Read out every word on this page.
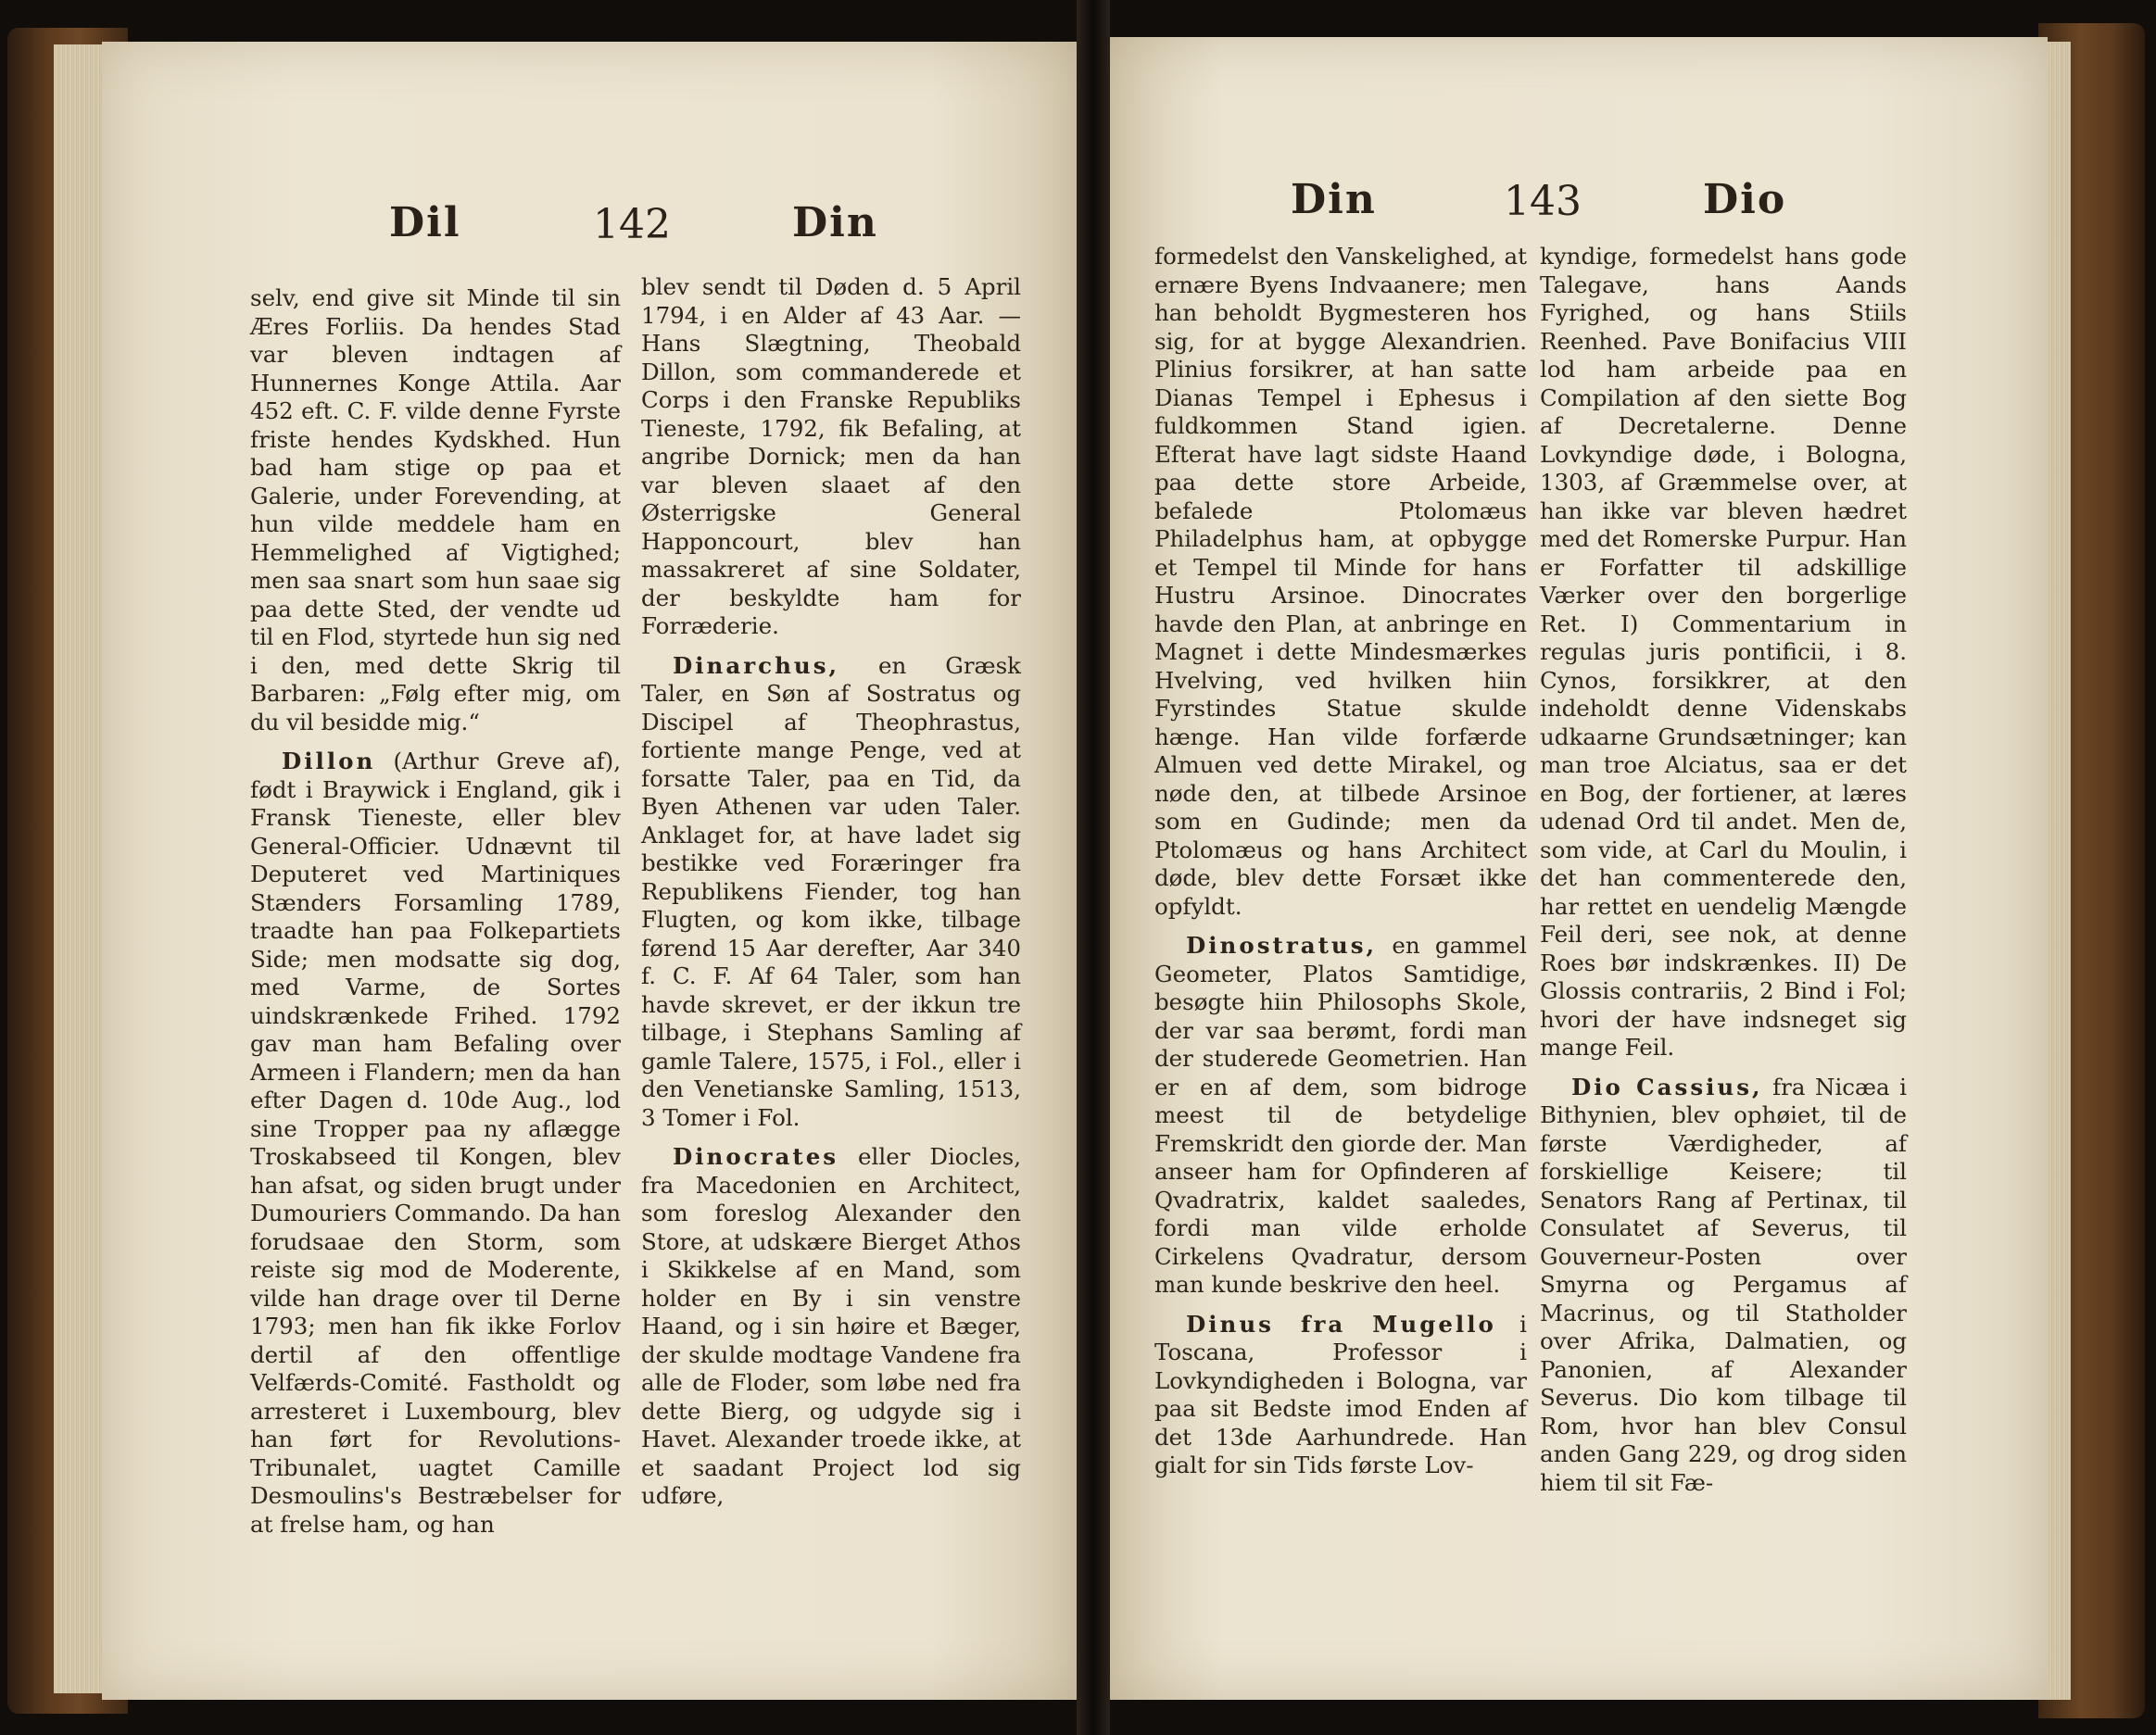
Dil	142	Din

selv, end give sit Minde til sin Æres Forliis. Da hendes Stad var bleven indtagen af Hunnernes Konge Attila. Aar 452 eft. C. F. vilde denne Fyrste friste hendes Kydskhed. Hun bad ham stige op paa et Galerie, under Forevending, at hun vilde meddele ham en Hemmelighed af Vigtighed; men saa snart som hun saae sig paa dette Sted, der vendte ud til en Flod, styrtede hun sig ned i den, med dette Skrig til Barbaren: „Følg efter mig, om du vil besidde mig.“

Dillon (Arthur Greve af), født i Braywick i England, gik i Fransk Tieneste, eller blev General-Officier. Udnævnt til Deputeret ved Martiniques Stænders Forsamling 1789, traadte han paa Folkepartiets Side; men modsatte sig dog, med Varme, de Sortes uindskrænkede Frihed. 1792 gav man ham Befaling over Armeen i Flandern; men da han efter Dagen d. 10de Aug., lod sine Tropper paa ny aflægge Troskabseed til Kongen, blev han afsat, og siden brugt under Dumouriers Commando. Da han forudsaae den Storm, som reiste sig mod de Moderente, vilde han drage over til Derne 1793; men han fik ikke Forlov dertil af den offentlige Velfærds-Comité. Fastholdt og arresteret i Luxembourg, blev han ført for Revolutions-Tribunalet, uagtet Camille Desmoulins's Bestræbelser for at frelse ham, og han

blev sendt til Døden d. 5 April 1794, i en Alder af 43 Aar. — Hans Slægtning, Theobald Dillon, som commanderede et Corps i den Franske Republiks Tieneste, 1792, fik Befaling, at angribe Dornick; men da han var bleven slaaet af den Østerrigske General Happoncourt, blev han massakreret af sine Soldater, der beskyldte ham for Forræderie.

Dinarchus, en Græsk Taler, en Søn af Sostratus og Discipel af Theophrastus, fortiente mange Penge, ved at forsatte Taler, paa en Tid, da Byen Athenen var uden Taler. Anklaget for, at have ladet sig bestikke ved Foræringer fra Republikens Fiender, tog han Flugten, og kom ikke, tilbage førend 15 Aar derefter, Aar 340 f. C. F. Af 64 Taler, som han havde skrevet, er der ikkun tre tilbage, i Stephans Samling af gamle Talere, 1575, i Fol., eller i den Venetianske Samling, 1513, 3 Tomer i Fol.

Dinocrates eller Diocles, fra Macedonien en Architect, som foreslog Alexander den Store, at udskære Bierget Athos i Skikkelse af en Mand, som holder en By i sin venstre Haand, og i sin høire et Bæger, der skulde modtage Vandene fra alle de Floder, som løbe ned fra dette Bierg, og udgyde sig i Havet. Alexander troede ikke, at et saadant Project lod sig udføre,

Din	143	Dio

formedelst den Vanskelighed, at ernære Byens Indvaanere; men han beholdt Bygmesteren hos sig, for at bygge Alexandrien. Plinius forsikrer, at han satte Dianas Tempel i Ephesus i fuldkommen Stand igien. Efterat have lagt sidste Haand paa dette store Arbeide, befalede Ptolomæus Philadelphus ham, at opbygge et Tempel til Minde for hans Hustru Arsinoe. Dinocrates havde den Plan, at anbringe en Magnet i dette Mindesmærkes Hvelving, ved hvilken hiin Fyrstindes Statue skulde hænge. Han vilde forfærde Almuen ved dette Mirakel, og nøde den, at tilbede Arsinoe som en Gudinde; men da Ptolomæus og hans Architect døde, blev dette Forsæt ikke opfyldt.

Dinostratus, en gammel Geometer, Platos Samtidige, besøgte hiin Philosophs Skole, der var saa berømt, fordi man der studerede Geometrien. Han er en af dem, som bidroge meest til de betydelige Fremskridt den giorde der. Man anseer ham for Opfinderen af Qvadratrix, kaldet saaledes, fordi man vilde erholde Cirkelens Qvadratur, dersom man kunde beskrive den heel.

Dinus fra Mugello i Toscana, Professor i Lovkyndigheden i Bologna, var paa sit Bedste imod Enden af det 13de Aarhundrede. Han gialt for sin Tids første Lov-

kyndige, formedelst hans gode Talegave, hans Aands Fyrighed, og hans Stiils Reenhed. Pave Bonifacius VIII lod ham arbeide paa en Compilation af den siette Bog af Decretalerne. Denne Lovkyndige døde, i Bologna, 1303, af Græmmelse over, at han ikke var bleven hædret med det Romerske Purpur. Han er Forfatter til adskillige Værker over den borgerlige Ret. I) Commentarium in regulas juris pontificii, i 8. Cynos, forsikkrer, at den indeholdt denne Videnskabs udkaarne Grundsætninger; kan man troe Alciatus, saa er det en Bog, der fortiener, at læres udenad Ord til andet. Men de, som vide, at Carl du Moulin, i det han commenterede den, har rettet en uendelig Mængde Feil deri, see nok, at denne Roes bør indskrænkes. II) De Glossis contrariis, 2 Bind i Fol; hvori der have indsneget sig mange Feil.

Dio Cassius, fra Nicæa i Bithynien, blev ophøiet, til de første Værdigheder, af forskiellige Keisere; til Senators Rang af Pertinax, til Consulatet af Severus, til Gouverneur-Posten over Smyrna og Pergamus af Macrinus, og til Statholder over Afrika, Dalmatien, og Panonien, af Alexander Severus. Dio kom tilbage til Rom, hvor han blev Consul anden Gang 229, og drog siden hiem til sit Fæ-
